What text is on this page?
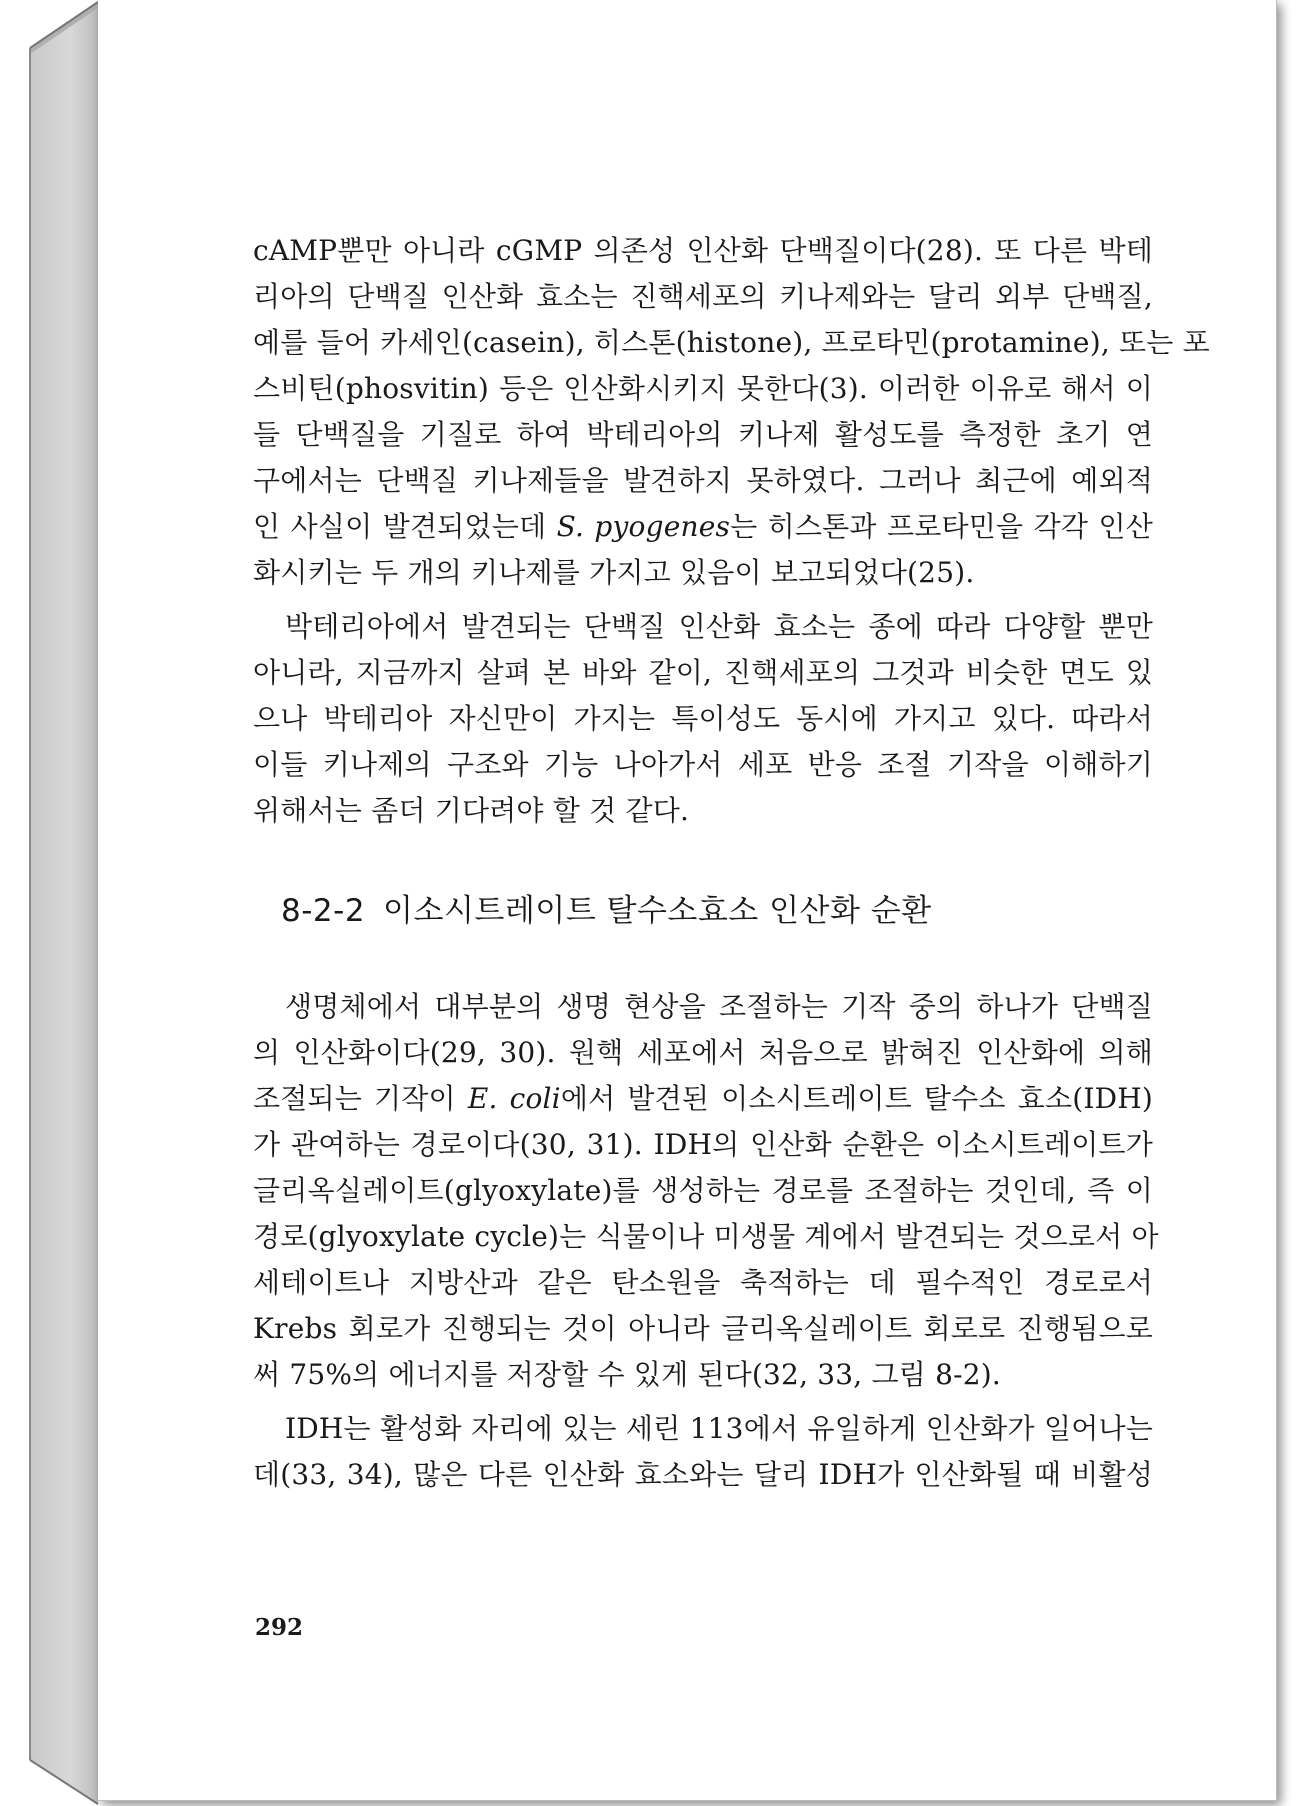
cAMP뿐만 아니라 cGMP 의존성 인산화 단백질이다(28). 또 다른 박테
리아의 단백질 인산화 효소는 진핵세포의 키나제와는 달리 외부 단백질,
예를 들어 카세인(casein), 히스톤(histone), 프로타민(protamine), 또는 포
스비틴(phosvitin) 등은 인산화시키지 못한다(3). 이러한 이유로 해서 이
들 단백질을 기질로 하여 박테리아의 키나제 활성도를 측정한 초기 연
구에서는 단백질 키나제들을 발견하지 못하였다. 그러나 최근에 예외적
인 사실이 발견되었는데 S. pyogenes는 히스톤과 프로타민을 각각 인산
화시키는 두 개의 키나제를 가지고 있음이 보고되었다(25).
박테리아에서 발견되는 단백질 인산화 효소는 종에 따라 다양할 뿐만
아니라, 지금까지 살펴 본 바와 같이, 진핵세포의 그것과 비슷한 면도 있
으나 박테리아 자신만이 가지는 특이성도 동시에 가지고 있다. 따라서
이들 키나제의 구조와 기능 나아가서 세포 반응 조절 기작을 이해하기
위해서는 좀더 기다려야 할 것 같다.
8-2-2 이소시트레이트 탈수소효소 인산화 순환
생명체에서 대부분의 생명 현상을 조절하는 기작 중의 하나가 단백질
의 인산화이다(29, 30). 원핵 세포에서 처음으로 밝혀진 인산화에 의해
조절되는 기작이 E. coli에서 발견된 이소시트레이트 탈수소 효소(IDH)
가 관여하는 경로이다(30, 31). IDH의 인산화 순환은 이소시트레이트가
글리옥실레이트(glyoxylate)를 생성하는 경로를 조절하는 것인데, 즉 이
경로(glyoxylate cycle)는 식물이나 미생물 계에서 발견되는 것으로서 아
세테이트나 지방산과 같은 탄소원을 축적하는 데 필수적인 경로로서
Krebs 회로가 진행되는 것이 아니라 글리옥실레이트 회로로 진행됨으로
써 75%의 에너지를 저장할 수 있게 된다(32, 33, 그림 8-2).
IDH는 활성화 자리에 있는 세린 113에서 유일하게 인산화가 일어나는
데(33, 34), 많은 다른 인산화 효소와는 달리 IDH가 인산화될 때 비활성
292
